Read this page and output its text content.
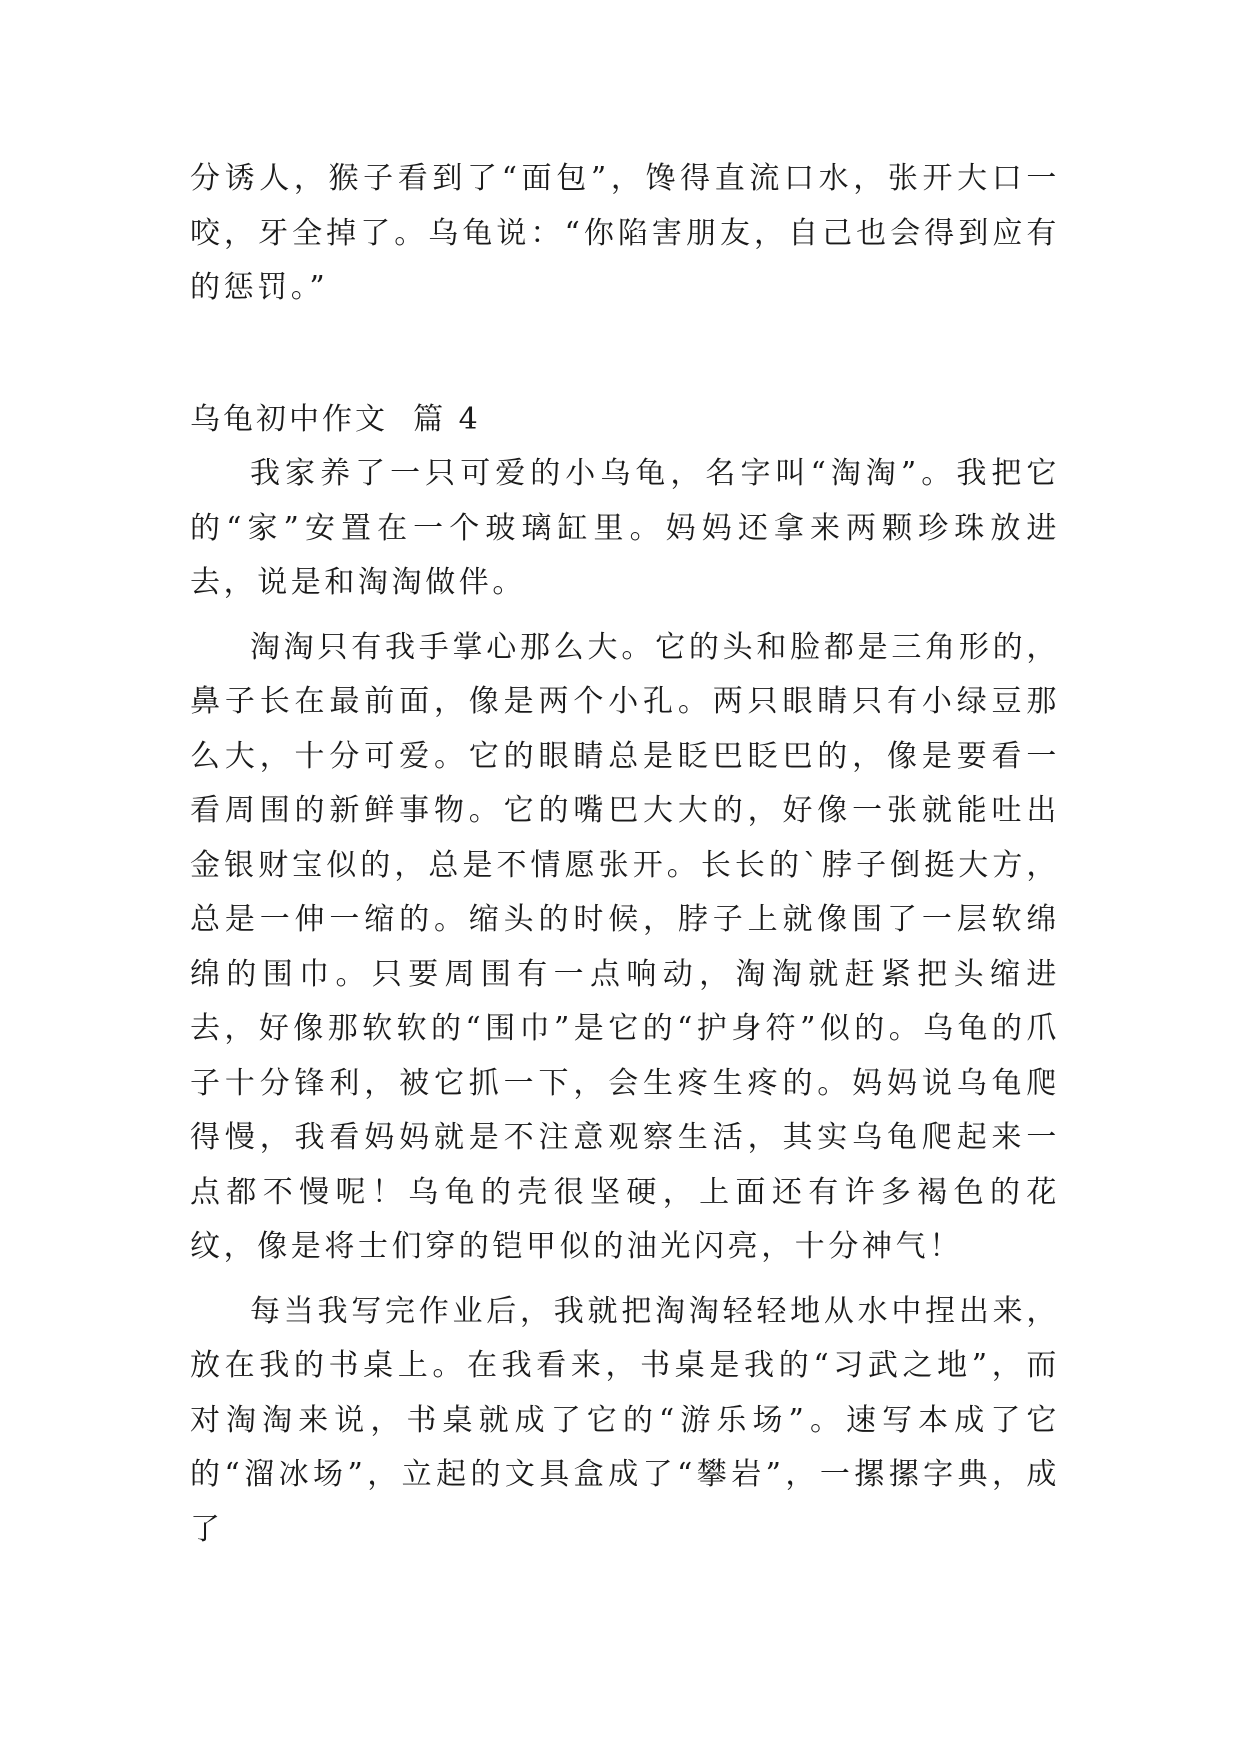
分诱人，猴子看到了“面包”，馋得直流口水，张开大口一咬，牙全掉了。乌龟说：“你陷害朋友，自己也会得到应有的惩罚。”

乌龟初中作文  篇 4

我家养了一只可爱的小乌龟，名字叫“淘淘”。我把它的“家”安置在一个玻璃缸里。妈妈还拿来两颗珍珠放进去，说是和淘淘做伴。

淘淘只有我手掌心那么大。它的头和脸都是三角形的，鼻子长在最前面，像是两个小孔。两只眼睛只有小绿豆那么大，十分可爱。它的眼睛总是眨巴眨巴的，像是要看一看周围的新鲜事物。它的嘴巴大大的，好像一张就能吐出金银财宝似的，总是不情愿张开。长长的`脖子倒挺大方，总是一伸一缩的。缩头的时候，脖子上就像围了一层软绵绵的围巾。只要周围有一点响动，淘淘就赶紧把头缩进去，好像那软软的“围巾”是它的“护身符”似的。乌龟的爪子十分锋利，被它抓一下，会生疼生疼的。妈妈说乌龟爬得慢，我看妈妈就是不注意观察生活，其实乌龟爬起来一点都不慢呢！乌龟的壳很坚硬，上面还有许多褐色的花纹，像是将士们穿的铠甲似的油光闪亮，十分神气！

每当我写完作业后，我就把淘淘轻轻地从水中捏出来，放在我的书桌上。在我看来，书桌是我的“习武之地”，而对淘淘来说，书桌就成了它的“游乐场”。速写本成了它的“溜冰场”，立起的文具盒成了“攀岩”，一摞摞字典，成了
